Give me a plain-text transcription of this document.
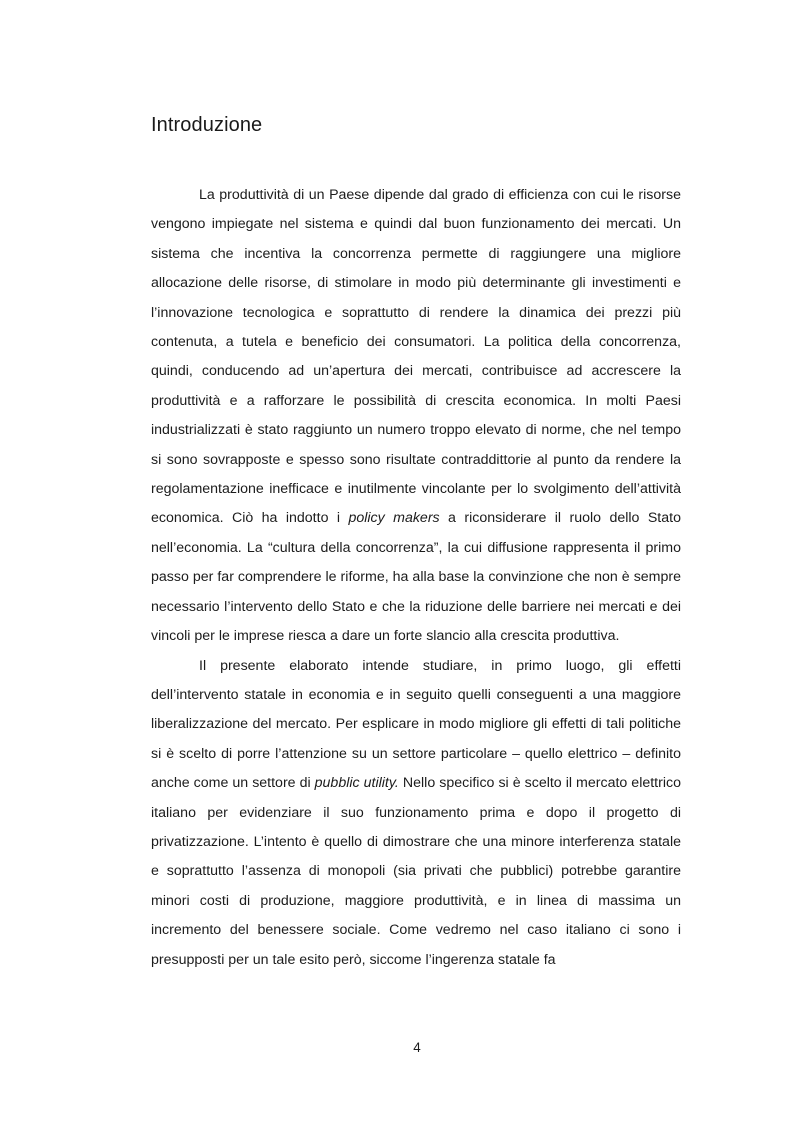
Introduzione

La produttività di un Paese dipende dal grado di efficienza con cui le risorse vengono impiegate nel sistema e quindi dal buon funzionamento dei mercati. Un sistema che incentiva la concorrenza permette di raggiungere una migliore allocazione delle risorse, di stimolare in modo più determinante gli investimenti e l’innovazione tecnologica e soprattutto di rendere la dinamica dei prezzi più contenuta, a tutela e beneficio dei consumatori. La politica della concorrenza, quindi, conducendo ad un’apertura dei mercati, contribuisce ad accrescere la produttività e a rafforzare le possibilità di crescita economica. In molti Paesi industrializzati è stato raggiunto un numero troppo elevato di norme, che nel tempo si sono sovrapposte e spesso sono risultate contraddittorie al punto da rendere la regolamentazione inefficace e inutilmente vincolante per lo svolgimento dell’attività economica. Ciò ha indotto i policy makers a riconsiderare il ruolo dello Stato nell’economia. La “cultura della concorrenza”, la cui diffusione rappresenta il primo passo per far comprendere le riforme, ha alla base la convinzione che non è sempre necessario l’intervento dello Stato e che la riduzione delle barriere nei mercati e dei vincoli per le imprese riesca a dare un forte slancio alla crescita produttiva.

Il presente elaborato intende studiare, in primo luogo, gli effetti dell’intervento statale in economia e in seguito quelli conseguenti a una maggiore liberalizzazione del mercato. Per esplicare in modo migliore gli effetti di tali politiche si è scelto di porre l’attenzione su un settore particolare – quello elettrico – definito anche come un settore di pubblic utility. Nello specifico si è scelto il mercato elettrico italiano per evidenziare il suo funzionamento prima e dopo il progetto di privatizzazione. L’intento è quello di dimostrare che una minore interferenza statale e soprattutto l’assenza di monopoli (sia privati che pubblici) potrebbe garantire minori costi di produzione, maggiore produttività, e in linea di massima un incremento del benessere sociale. Come vedremo nel caso italiano ci sono i presupposti per un tale esito però, siccome l’ingerenza statale fa

4
